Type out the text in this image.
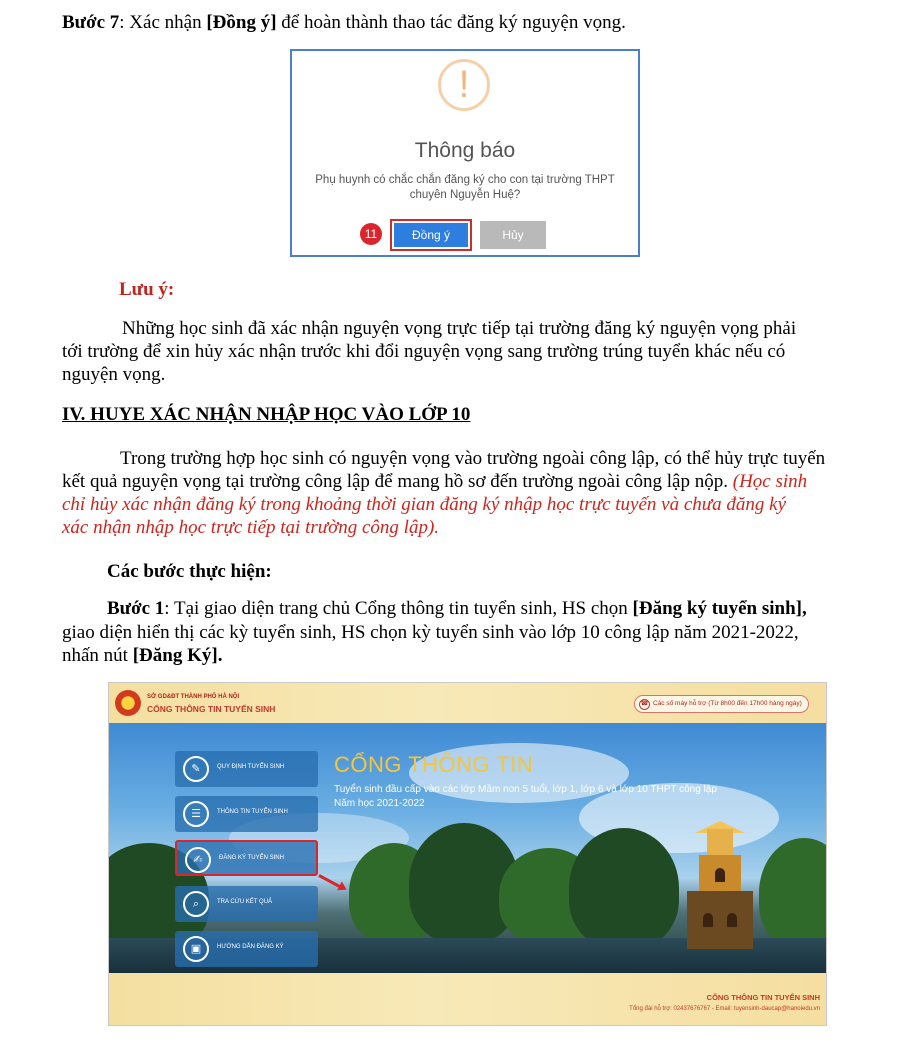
Bước 7: Xác nhận [Đồng ý] để hoàn thành thao tác đăng ký nguyện vọng.
!
Thông báo
Phụ huynh có chắc chắn đăng ký cho con tại trường THPT
chuyên Nguyễn Huệ?
11	Đồng ý	Hủy
Lưu ý:
Những học sinh đã xác nhận nguyện vọng trực tiếp tại trường đăng ký nguyện vọng phải
tới trường để xin hủy xác nhận trước khi đổi nguyện vọng sang trường trúng tuyển khác nếu có
nguyện vọng.
IV. HUYE XÁC NHẬN NHẬP HỌC VÀO LỚP 10
Trong trường hợp học sinh có nguyện vọng vào trường ngoài công lập, có thể hủy trực tuyến
kết quả nguyện vọng tại trường công lập để mang hồ sơ đến trường ngoài công lập nộp. (Học sinh
chỉ hủy xác nhận đăng ký trong khoảng thời gian đăng ký nhập học trực tuyến và chưa đăng ký
xác nhận nhập học trực tiếp tại trường công lập).
Các bước thực hiện:
Bước 1: Tại giao diện trang chủ Cổng thông tin tuyển sinh, HS chọn [Đăng ký tuyển sinh],
giao diện hiển thị các kỳ tuyển sinh, HS chọn kỳ tuyển sinh vào lớp 10 công lập năm 2021-2022,
nhấn nút [Đăng Ký].
SỞ GD&ĐT THÀNH PHỐ HÀ NỘI
CỔNG THÔNG TIN TUYỂN SINH	☎ Các số máy hỗ trợ (Từ 8h00 đến 17h00 hàng ngày)
CỔNG THÔNG TIN
Tuyển sinh đầu cấp vào các lớp Mầm non 5 tuổi, lớp 1, lớp 6 và lớp 10 THPT công lập
Năm học 2021-2022
✎	QUY ĐỊNH TUYỂN SINH
☰	THÔNG TIN TUYỂN SINH
✍	ĐĂNG KÝ TUYỂN SINH
⌕	TRA CỨU KẾT QUẢ
▣	HƯỚNG DẪN ĐĂNG KÝ
CỔNG THÔNG TIN TUYỂN SINH
Tổng đài hỗ trợ: 02437676767 - Email: tuyensinh-daucap@hanoiedu.vn
